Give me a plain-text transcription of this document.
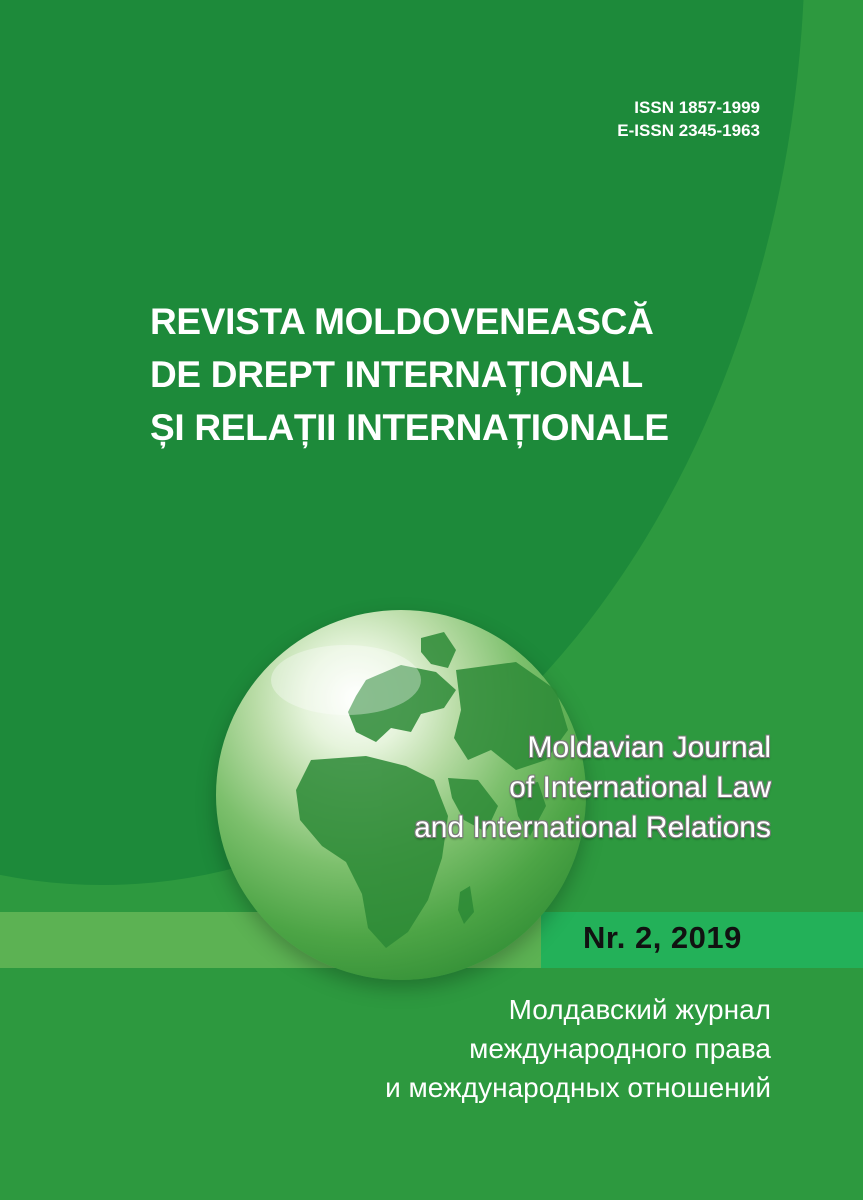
ISSN 1857-1999
E-ISSN 2345-1963
REVISTA MOLDOVENEASCĂ
DE DREPT INTERNAȚIONAL
ȘI RELAȚII INTERNAȚIONALE
Moldavian Journal
of International Law
and International Relations
Nr. 2, 2019
Молдавский журнал
международного права
и международных отношений
